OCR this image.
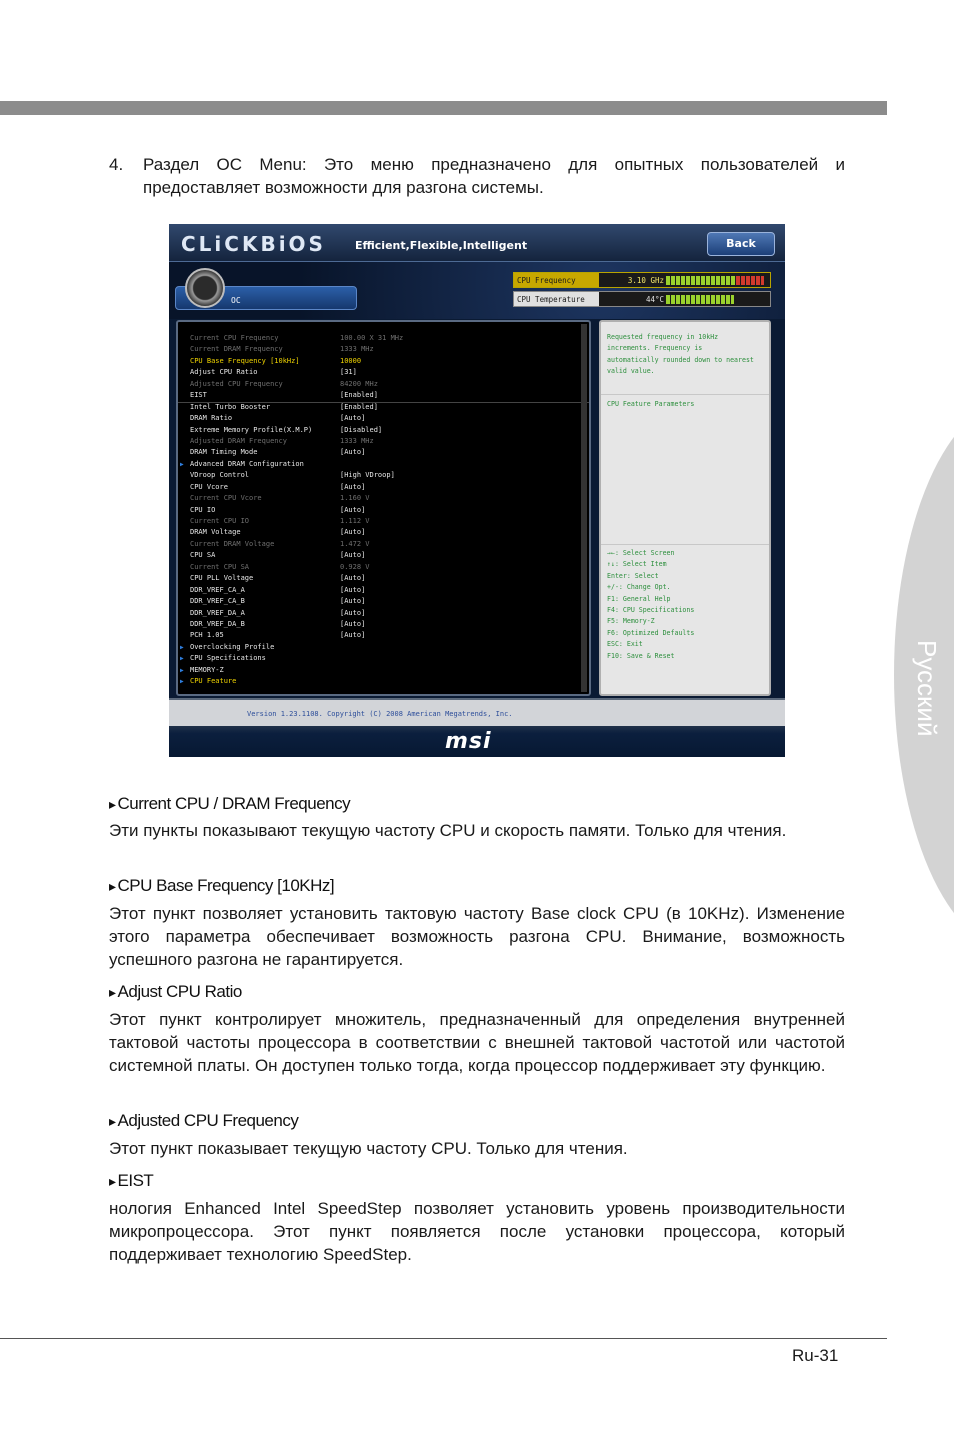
Русский
4. Раздел OC Menu: Это меню предназначено для опытных пользователей и предоставляет возможности для разгона системы.
CLiCKBiOS	Efficient,Flexible,Intelligent	Back
OC
CPU Frequency	3.10 GHz
CPU Temperature	44°C
Current CPU Frequency	100.00 X 31 MHz
Current DRAM Frequency	1333 MHz
CPU Base Frequency [10kHz]	10000
Adjust CPU Ratio	[31]
Adjusted CPU Frequency	84200 MHz
EIST	[Enabled]
Intel Turbo Booster	[Enabled]
DRAM Ratio	[Auto]
Extreme Memory Profile(X.M.P)	[Disabled]
Adjusted DRAM Frequency	1333 MHz
DRAM Timing Mode	[Auto]
▶ Advanced DRAM Configuration
VDroop Control	[High VDroop]
CPU Vcore	[Auto]
Current CPU Vcore	1.160 V
CPU IO	[Auto]
Current CPU IO	1.112 V
DRAM Voltage	[Auto]
Current DRAM Voltage	1.472 V
CPU SA	[Auto]
Current CPU SA	0.928 V
CPU PLL Voltage	[Auto]
DDR_VREF_CA_A	[Auto]
DDR_VREF_CA_B	[Auto]
DDR_VREF_DA_A	[Auto]
DDR_VREF_DA_B	[Auto]
PCH 1.05	[Auto]
▶ Overclocking Profile
▶ CPU Specifications
▶ MEMORY-Z
▶ CPU Feature
Requested frequency in 10kHz increments. Frequency is automatically rounded down to nearest valid value.
CPU Feature Parameters
→←: Select Screen
↑↓: Select Item
Enter: Select
+/-: Change Opt.
F1: General Help
F4: CPU Specifications
F5: Memory-Z
F6: Optimized Defaults
ESC: Exit
F10: Save & Reset
Version 1.23.1108. Copyright (C) 2008 American Megatrends, Inc.
msi
▸ Current CPU / DRAM Frequency
Эти пункты показывают текущую частоту CPU и скорость памяти. Только для чтения.
▸ CPU Base Frequency [10KHz]
Этот пункт позволяет установить тактовую частоту Base clock CPU (в 10KHz). Изменение этого параметра обеспечивает возможность разгона CPU. Внимание, возможность успешного разгона не гарантируется.
▸ Adjust CPU Ratio
Этот пункт контролирует множитель, предназначенный для определения внутренней тактовой частоты процессора в соответствии с внешней тактовой частотой или частотой системной платы. Он доступен только тогда, когда процессор поддерживает эту функцию.
▸ Adjusted CPU Frequency
Этот пункт показывает текущую частоту CPU. Только для чтения.
▸ EIST
нология Enhanced Intel SpeedStep позволяет установить уровень производительности микропроцессора. Этот пункт появляется после установки процессора, который поддерживает технологию SpeedStep.
Ru-31
